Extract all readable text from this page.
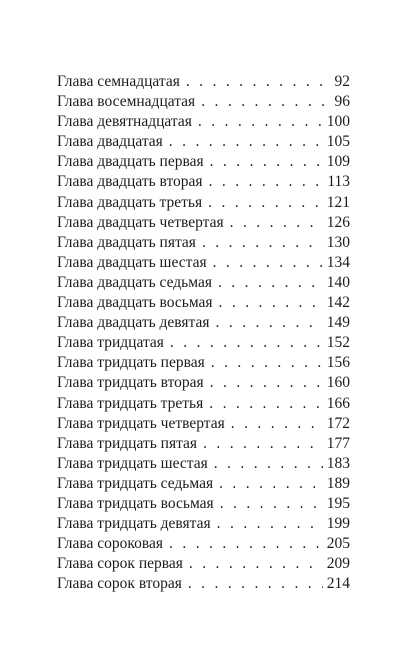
Глава семнадцатая . . .	92
Глава восемнадцатая . . .	96
Глава девятнадцатая . . .	100
Глава двадцатая . . .	105
Глава двадцать первая . . .	109
Глава двадцать вторая . . .	113
Глава двадцать третья . . .	121
Глава двадцать четвертая . . .	126
Глава двадцать пятая . . .	130
Глава двадцать шестая . . .	134
Глава двадцать седьмая . . .	140
Глава двадцать восьмая . . .	142
Глава двадцать девятая . . .	149
Глава тридцатая . . .	152
Глава тридцать первая . . .	156
Глава тридцать вторая . . .	160
Глава тридцать третья . . .	166
Глава тридцать четвертая . . .	172
Глава тридцать пятая . . .	177
Глава тридцать шестая . . .	183
Глава тридцать седьмая . . .	189
Глава тридцать восьмая . . .	195
Глава тридцать девятая . . .	199
Глава сороковая . . .	205
Глава сорок первая . . .	209
Глава сорок вторая . . .	214
